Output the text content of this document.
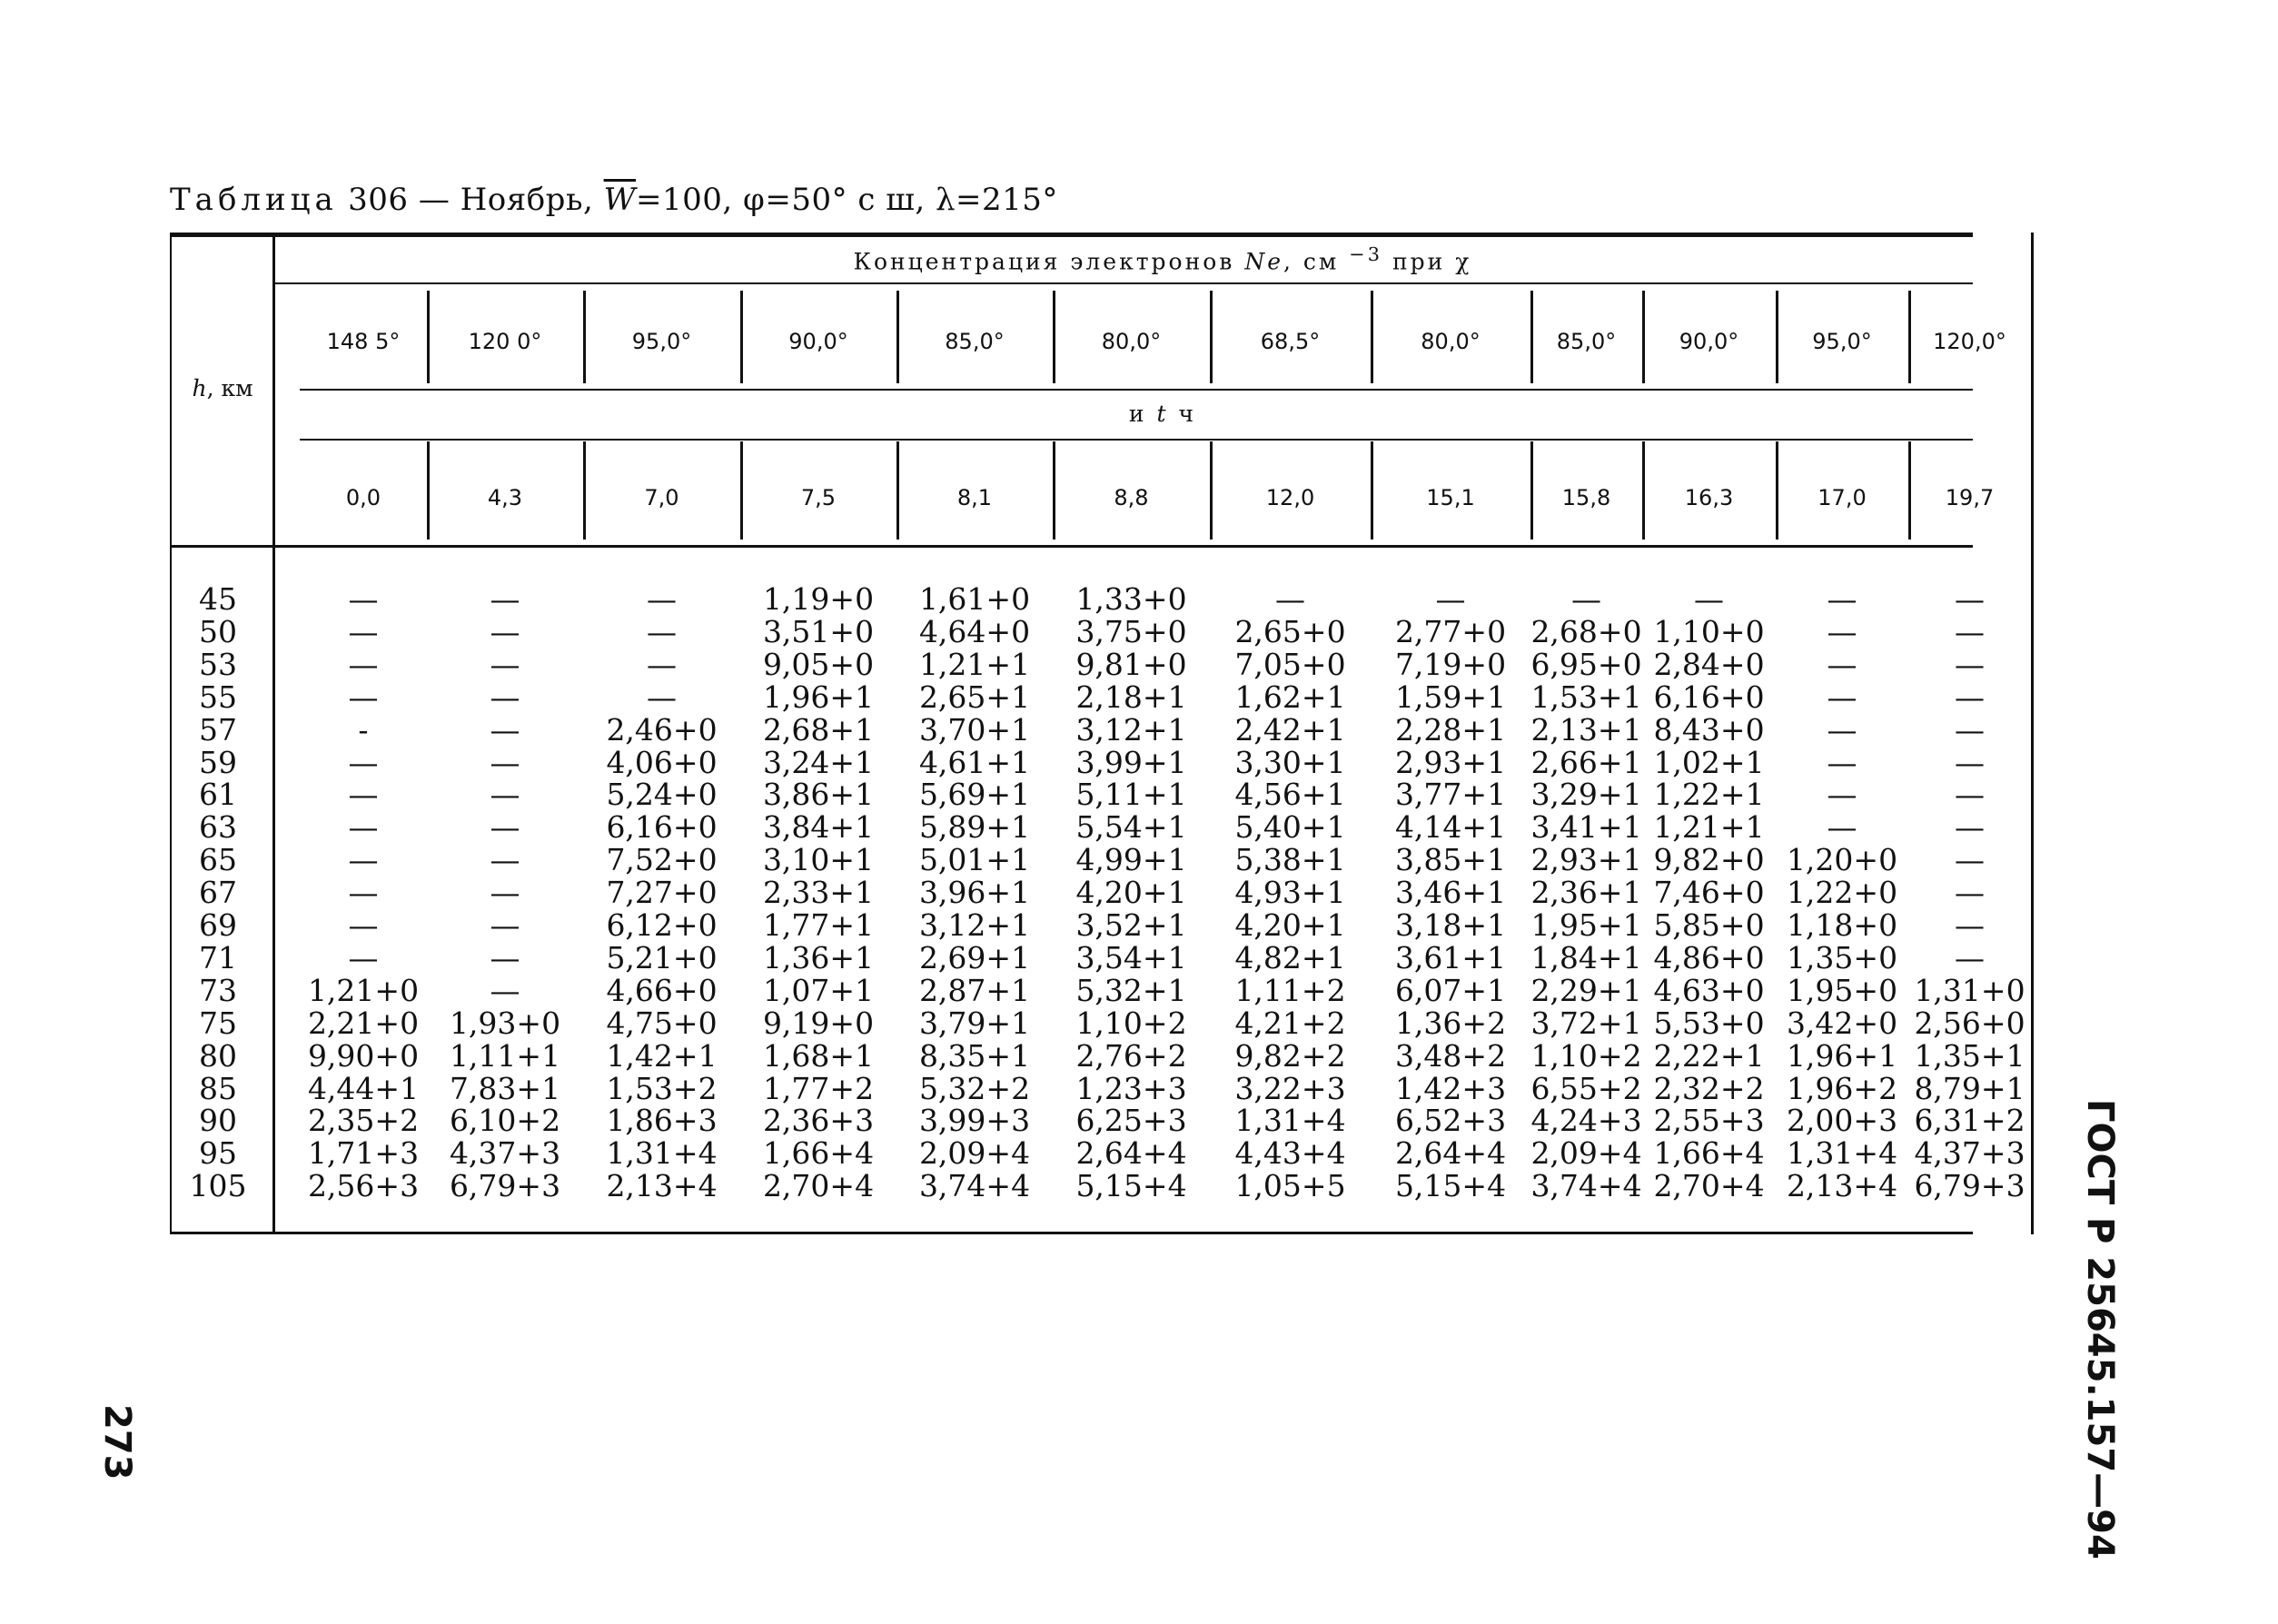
Таблица 306 — Ноябрь, $\overline{W}=100$, φ=50° с ш, λ=215°
h, км
Концентрация электронов Ne, см $^{-3}$ при χ
и t ч
148 5°	120 0°	95,0°	90,0°	85,0°	80,0°	68,5°	80,0°	85,0°	90,0°	95,0°	120,0°
0,0	4,3	7,0	7,5	8,1	8,8	12,0	15,1	15,8	16,3	17,0	19,7
45	—	—	—	1,19+0	1,61+0	1,33+0	—	—	—	—	—	—
50	—	—	—	3,51+0	4,64+0	3,75+0	2,65+0	2,77+0 2,68+0 1,10+0	—	—
53	—	—	—	9,05+0	1,21+1	9,81+0	7,05+0	7,19+0 6,95+0 2,84+0	—	—
55	—	—	—	1,96+1	2,65+1	2,18+1	1,62+1	1,59+1 1,53+1 6,16+0	—	—
57	-	—	2,46+0	2,68+1	3,70+1	3,12+1	2,42+1	2,28+1 2,13+1 8,43+0	—	—
59	—	—	4,06+0	3,24+1	4,61+1	3,99+1	3,30+1	2,93+1 2,66+1 1,02+1	—	—
61	—	—	5,24+0	3,86+1	5,69+1	5,11+1	4,56+1	3,77+1 3,29+1 1,22+1	—	—
63	—	—	6,16+0	3,84+1	5,89+1	5,54+1	5,40+1	4,14+1 3,41+1 1,21+1	—	—
65	—	—	7,52+0	3,10+1	5,01+1	4,99+1	5,38+1	3,85+1 2,93+1 9,82+0 1,20+0	—
67	—	—	7,27+0	2,33+1	3,96+1	4,20+1	4,93+1	3,46+1 2,36+1 7,46+0 1,22+0	—
69	—	—	6,12+0	1,77+1	3,12+1	3,52+1	4,20+1	3,18+1 1,95+1 5,85+0 1,18+0	—
71	—	—	5,21+0	1,36+1	2,69+1	3,54+1	4,82+1	3,61+1 1,84+1 4,86+0 1,35+0	—
73	1,21+0	—	4,66+0	1,07+1	2,87+1	5,32+1	1,11+2	6,07+1 2,29+1 4,63+0 1,95+0 1,31+0
75	2,21+0	1,93+0	4,75+0	9,19+0	3,79+1	1,10+2	4,21+2	1,36+2 3,72+1 5,53+0 3,42+0 2,56+0
80	9,90+0	1,11+1	1,42+1	1,68+1	8,35+1	2,76+2	9,82+2	3,48+2 1,10+2 2,22+1 1,96+1 1,35+1
85	4,44+1	7,83+1	1,53+2	1,77+2	5,32+2	1,23+3	3,22+3	1,42+3 6,55+2 2,32+2 1,96+2 8,79+1
90	2,35+2	6,10+2	1,86+3	2,36+3	3,99+3	6,25+3	1,31+4	6,52+3 4,24+3 2,55+3 2,00+3 6,31+2
95	1,71+3	4,37+3	1,31+4	1,66+4	2,09+4	2,64+4	4,43+4	2,64+4 2,09+4 1,66+4 1,31+4 4,37+3
105	2,56+3	6,79+3	2,13+4	2,70+4	3,74+4	5,15+4	1,05+5	5,15+4 3,74+4 2,70+4 2,13+4 6,79+3	ГОСТ Р 25645.157—94
273
